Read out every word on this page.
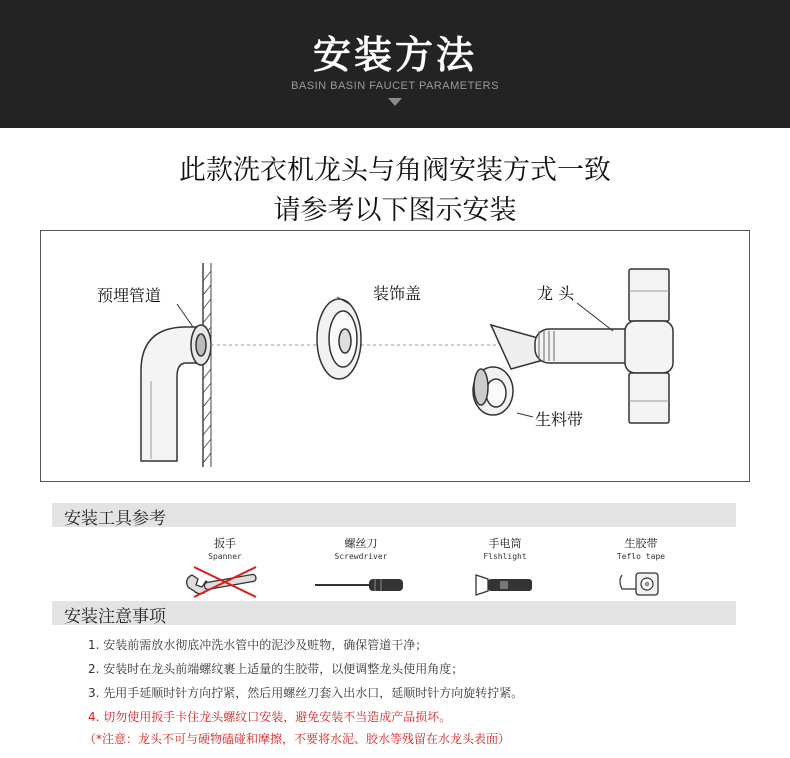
安装方法
BASIN BASIN FAUCET PARAMETERS
此款洗衣机龙头与角阀安装方式一致
请参考以下图示安装
预埋管道	装饰盖	龙 头
生料带
安装工具参考
扳手
Spanner
螺丝刀
Screwdriver
手电筒
Flshlight
生胶带
Teflo tape
安装注意事项
1. 安装前需放水彻底冲洗水管中的泥沙及赃物，确保管道干净；
2. 安装时在龙头前端螺纹裹上适量的生胶带，以便调整龙头使用角度；
3. 先用手延顺时针方向拧紧，然后用螺丝刀套入出水口，延顺时针方向旋转拧紧。
4. 切勿使用扳手卡住龙头螺纹口安装，避免安装不当造成产品损坏。
（*注意：龙头不可与硬物磕碰和摩擦，不要将水泥、胶水等残留在水龙头表面）
